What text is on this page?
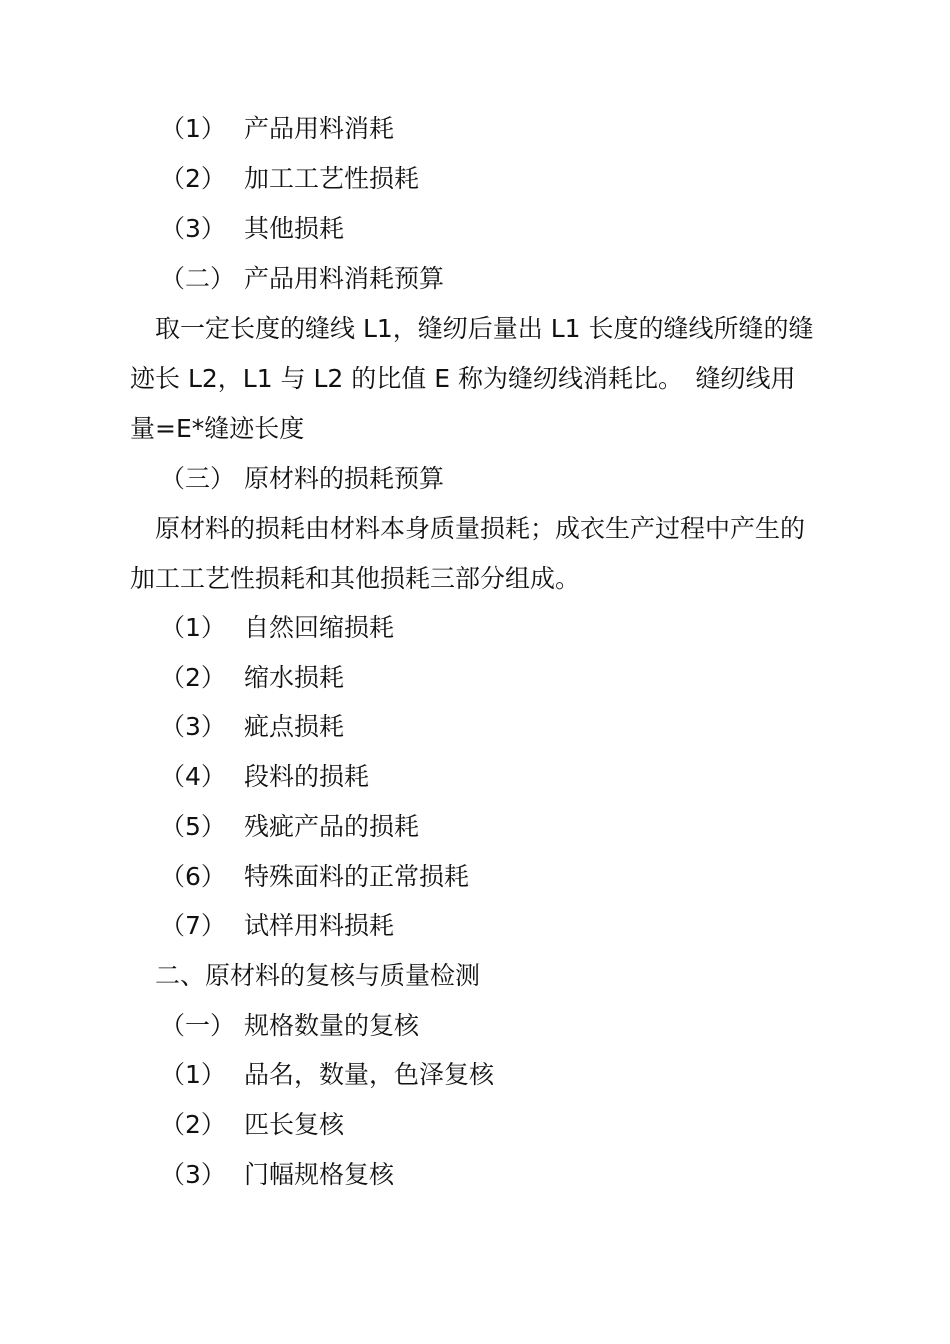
（1） 产品用料消耗
（2） 加工工艺性损耗
（3） 其他损耗
（二） 产品用料消耗预算
取一定长度的缝线 L1，缝纫后量出 L1 长度的缝线所缝的缝迹长 L2，L1 与 L2 的比值 E 称为缝纫线消耗比。　缝纫线用量=E*缝迹长度
（三） 原材料的损耗预算
原材料的损耗由材料本身质量损耗；成衣生产过程中产生的加工工艺性损耗和其他损耗三部分组成。
（1） 自然回缩损耗
（2） 缩水损耗
（3） 疵点损耗
（4） 段料的损耗
（5） 残疵产品的损耗
（6） 特殊面料的正常损耗
（7） 试样用料损耗
二、原材料的复核与质量检测
（一） 规格数量的复核
（1） 品名，数量，色泽复核
（2） 匹长复核
（3） 门幅规格复核
